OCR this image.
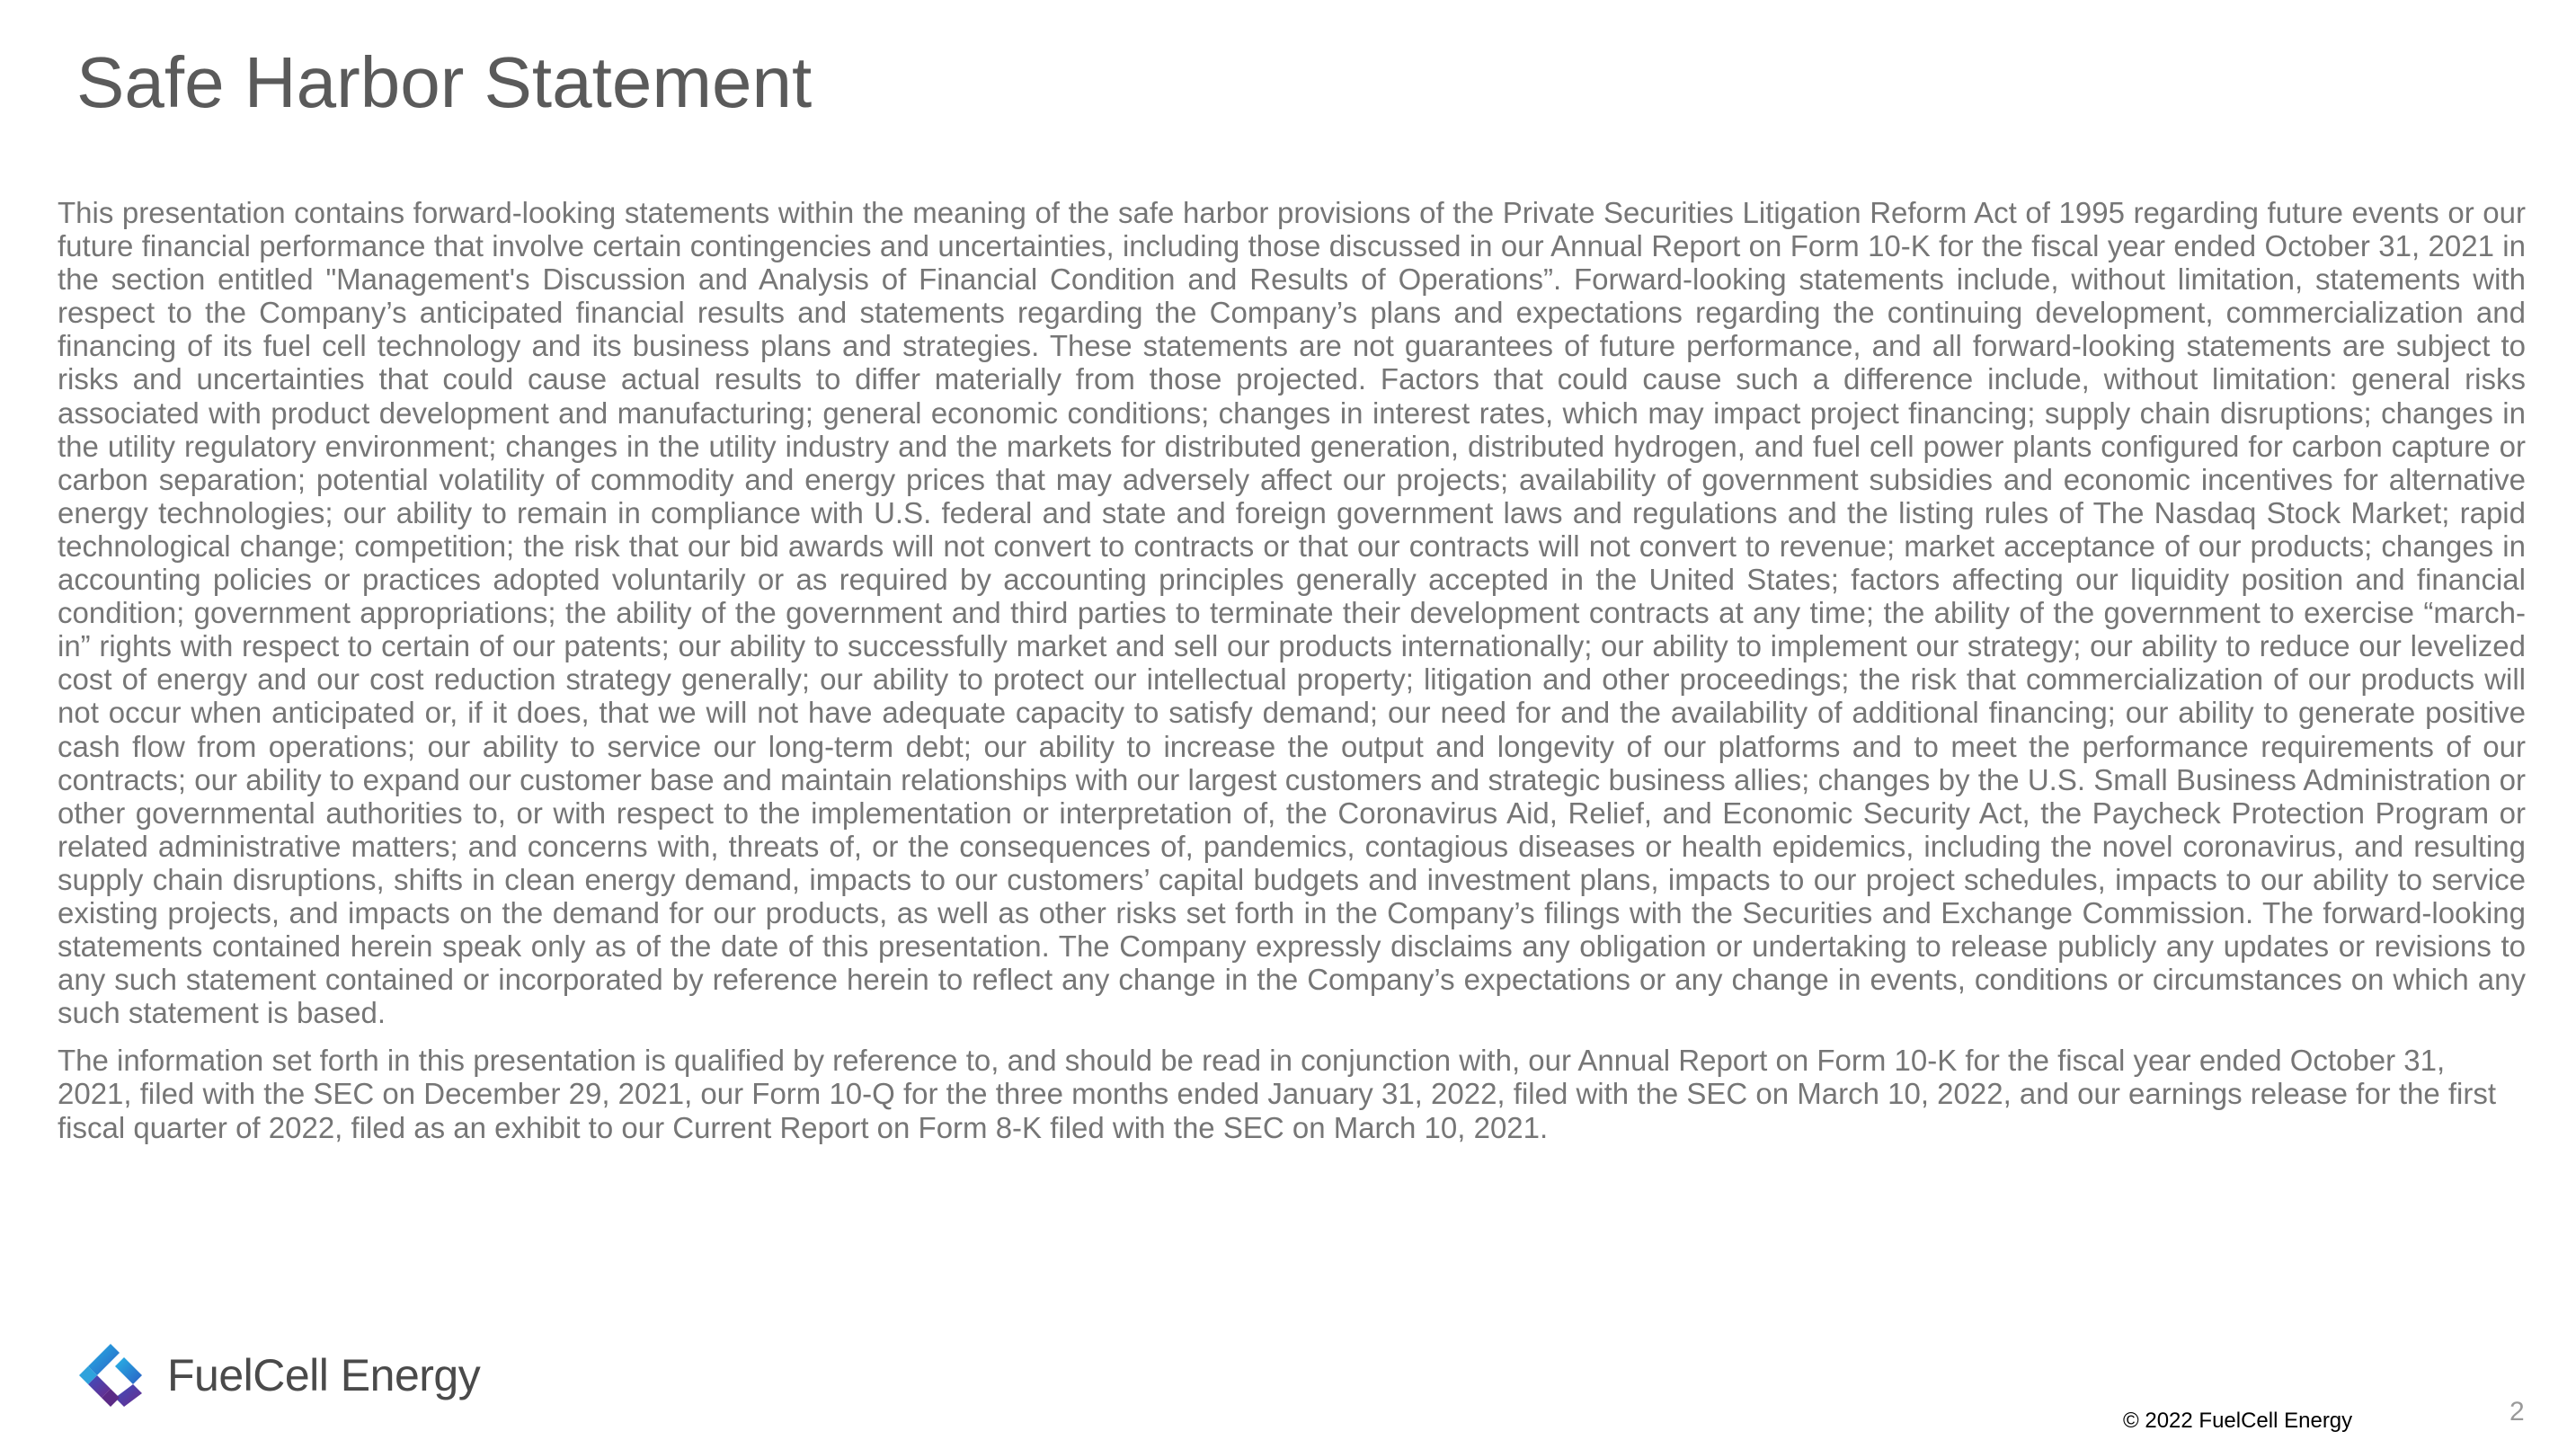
Safe Harbor Statement

This presentation contains forward-looking statements within the meaning of the safe harbor provisions of the Private Securities Litigation Reform Act of 1995 regarding future events or our future financial performance that involve certain contingencies and uncertainties, including those discussed in our Annual Report on Form 10-K for the fiscal year ended October 31, 2021 in the section entitled "Management's Discussion and Analysis of Financial Condition and Results of Operations”. Forward-looking statements include, without limitation, statements with respect to the Company’s anticipated financial results and statements regarding the Company’s plans and expectations regarding the continuing development, commercialization and financing of its fuel cell technology and its business plans and strategies. These statements are not guarantees of future performance, and all forward-looking statements are subject to risks and uncertainties that could cause actual results to differ materially from those projected. Factors that could cause such a difference include, without limitation: general risks associated with product development and manufacturing; general economic conditions; changes in interest rates, which may impact project financing; supply chain disruptions; changes in the utility regulatory environment; changes in the utility industry and the markets for distributed generation, distributed hydrogen, and fuel cell power plants configured for carbon capture or carbon separation; potential volatility of commodity and energy prices that may adversely affect our projects; availability of government subsidies and economic incentives for alternative energy technologies; our ability to remain in compliance with U.S. federal and state and foreign government laws and regulations and the listing rules of The Nasdaq Stock Market; rapid technological change; competition; the risk that our bid awards will not convert to contracts or that our contracts will not convert to revenue; market acceptance of our products; changes in accounting policies or practices adopted voluntarily or as required by accounting principles generally accepted in the United States; factors affecting our liquidity position and financial condition; government appropriations; the ability of the government and third parties to terminate their development contracts at any time; the ability of the government to exercise “march-in” rights with respect to certain of our patents; our ability to successfully market and sell our products internationally; our ability to implement our strategy; our ability to reduce our levelized cost of energy and our cost reduction strategy generally; our ability to protect our intellectual property; litigation and other proceedings; the risk that commercialization of our products will not occur when anticipated or, if it does, that we will not have adequate capacity to satisfy demand; our need for and the availability of additional financing; our ability to generate positive cash flow from operations; our ability to service our long-term debt; our ability to increase the output and longevity of our platforms and to meet the performance requirements of our contracts; our ability to expand our customer base and maintain relationships with our largest customers and strategic business allies; changes by the U.S. Small Business Administration or other governmental authorities to, or with respect to the implementation or interpretation of, the Coronavirus Aid, Relief, and Economic Security Act, the Paycheck Protection Program or related administrative matters; and concerns with, threats of, or the consequences of, pandemics, contagious diseases or health epidemics, including the novel coronavirus, and resulting supply chain disruptions, shifts in clean energy demand, impacts to our customers’ capital budgets and investment plans, impacts to our project schedules, impacts to our ability to service existing projects, and impacts on the demand for our products, as well as other risks set forth in the Company’s filings with the Securities and Exchange Commission. The forward-looking statements contained herein speak only as of the date of this presentation. The Company expressly disclaims any obligation or undertaking to release publicly any updates or revisions to any such statement contained or incorporated by reference herein to reflect any change in the Company’s expectations or any change in events, conditions or circumstances on which any such statement is based.

The information set forth in this presentation is qualified by reference to, and should be read in conjunction with, our Annual Report on Form 10-K for the fiscal year ended October 31, 2021, filed with the SEC on December 29, 2021, our Form 10-Q for the three months ended January 31, 2022, filed with the SEC on March 10, 2022, and our earnings release for the first fiscal quarter of 2022, filed as an exhibit to our Current Report on Form 8-K filed with the SEC on March 10, 2021.

FuelCell Energy
© 2022 FuelCell Energy	2
